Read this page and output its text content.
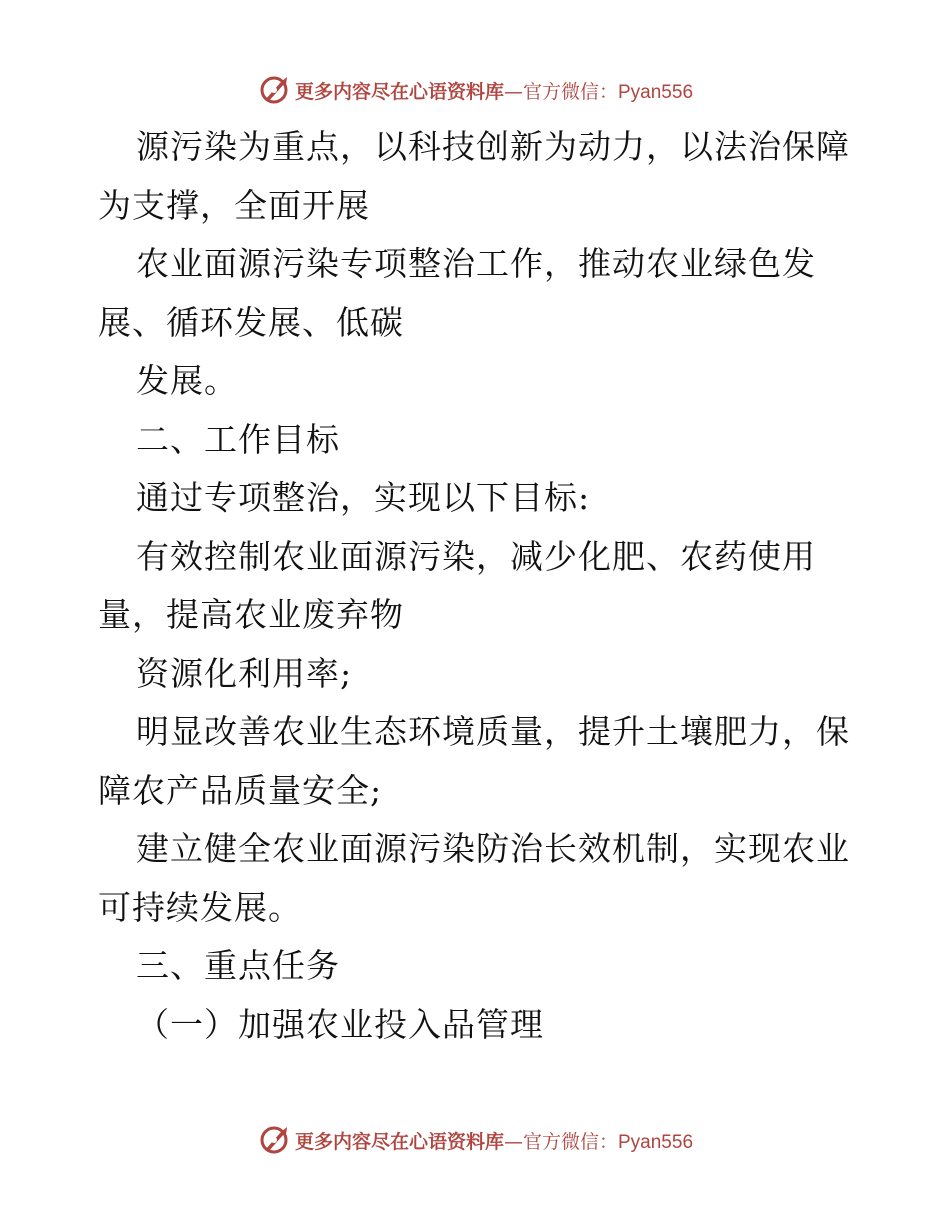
更多内容尽在心语资料库—官方微信：Pyan556
源污染为重点，以科技创新为动力，以法治保障
为支撑，全面开展
农业面源污染专项整治工作，推动农业绿色发
展、循环发展、低碳
发展。
二、工作目标
通过专项整治，实现以下目标:
有效控制农业面源污染，减少化肥、农药使用
量，提高农业废弃物
资源化利用率;
明显改善农业生态环境质量，提升土壤肥力，保
障农产品质量安全;
建立健全农业面源污染防治长效机制，实现农业
可持续发展。
三、重点任务
（一）加强农业投入品管理
更多内容尽在心语资料库—官方微信：Pyan556
